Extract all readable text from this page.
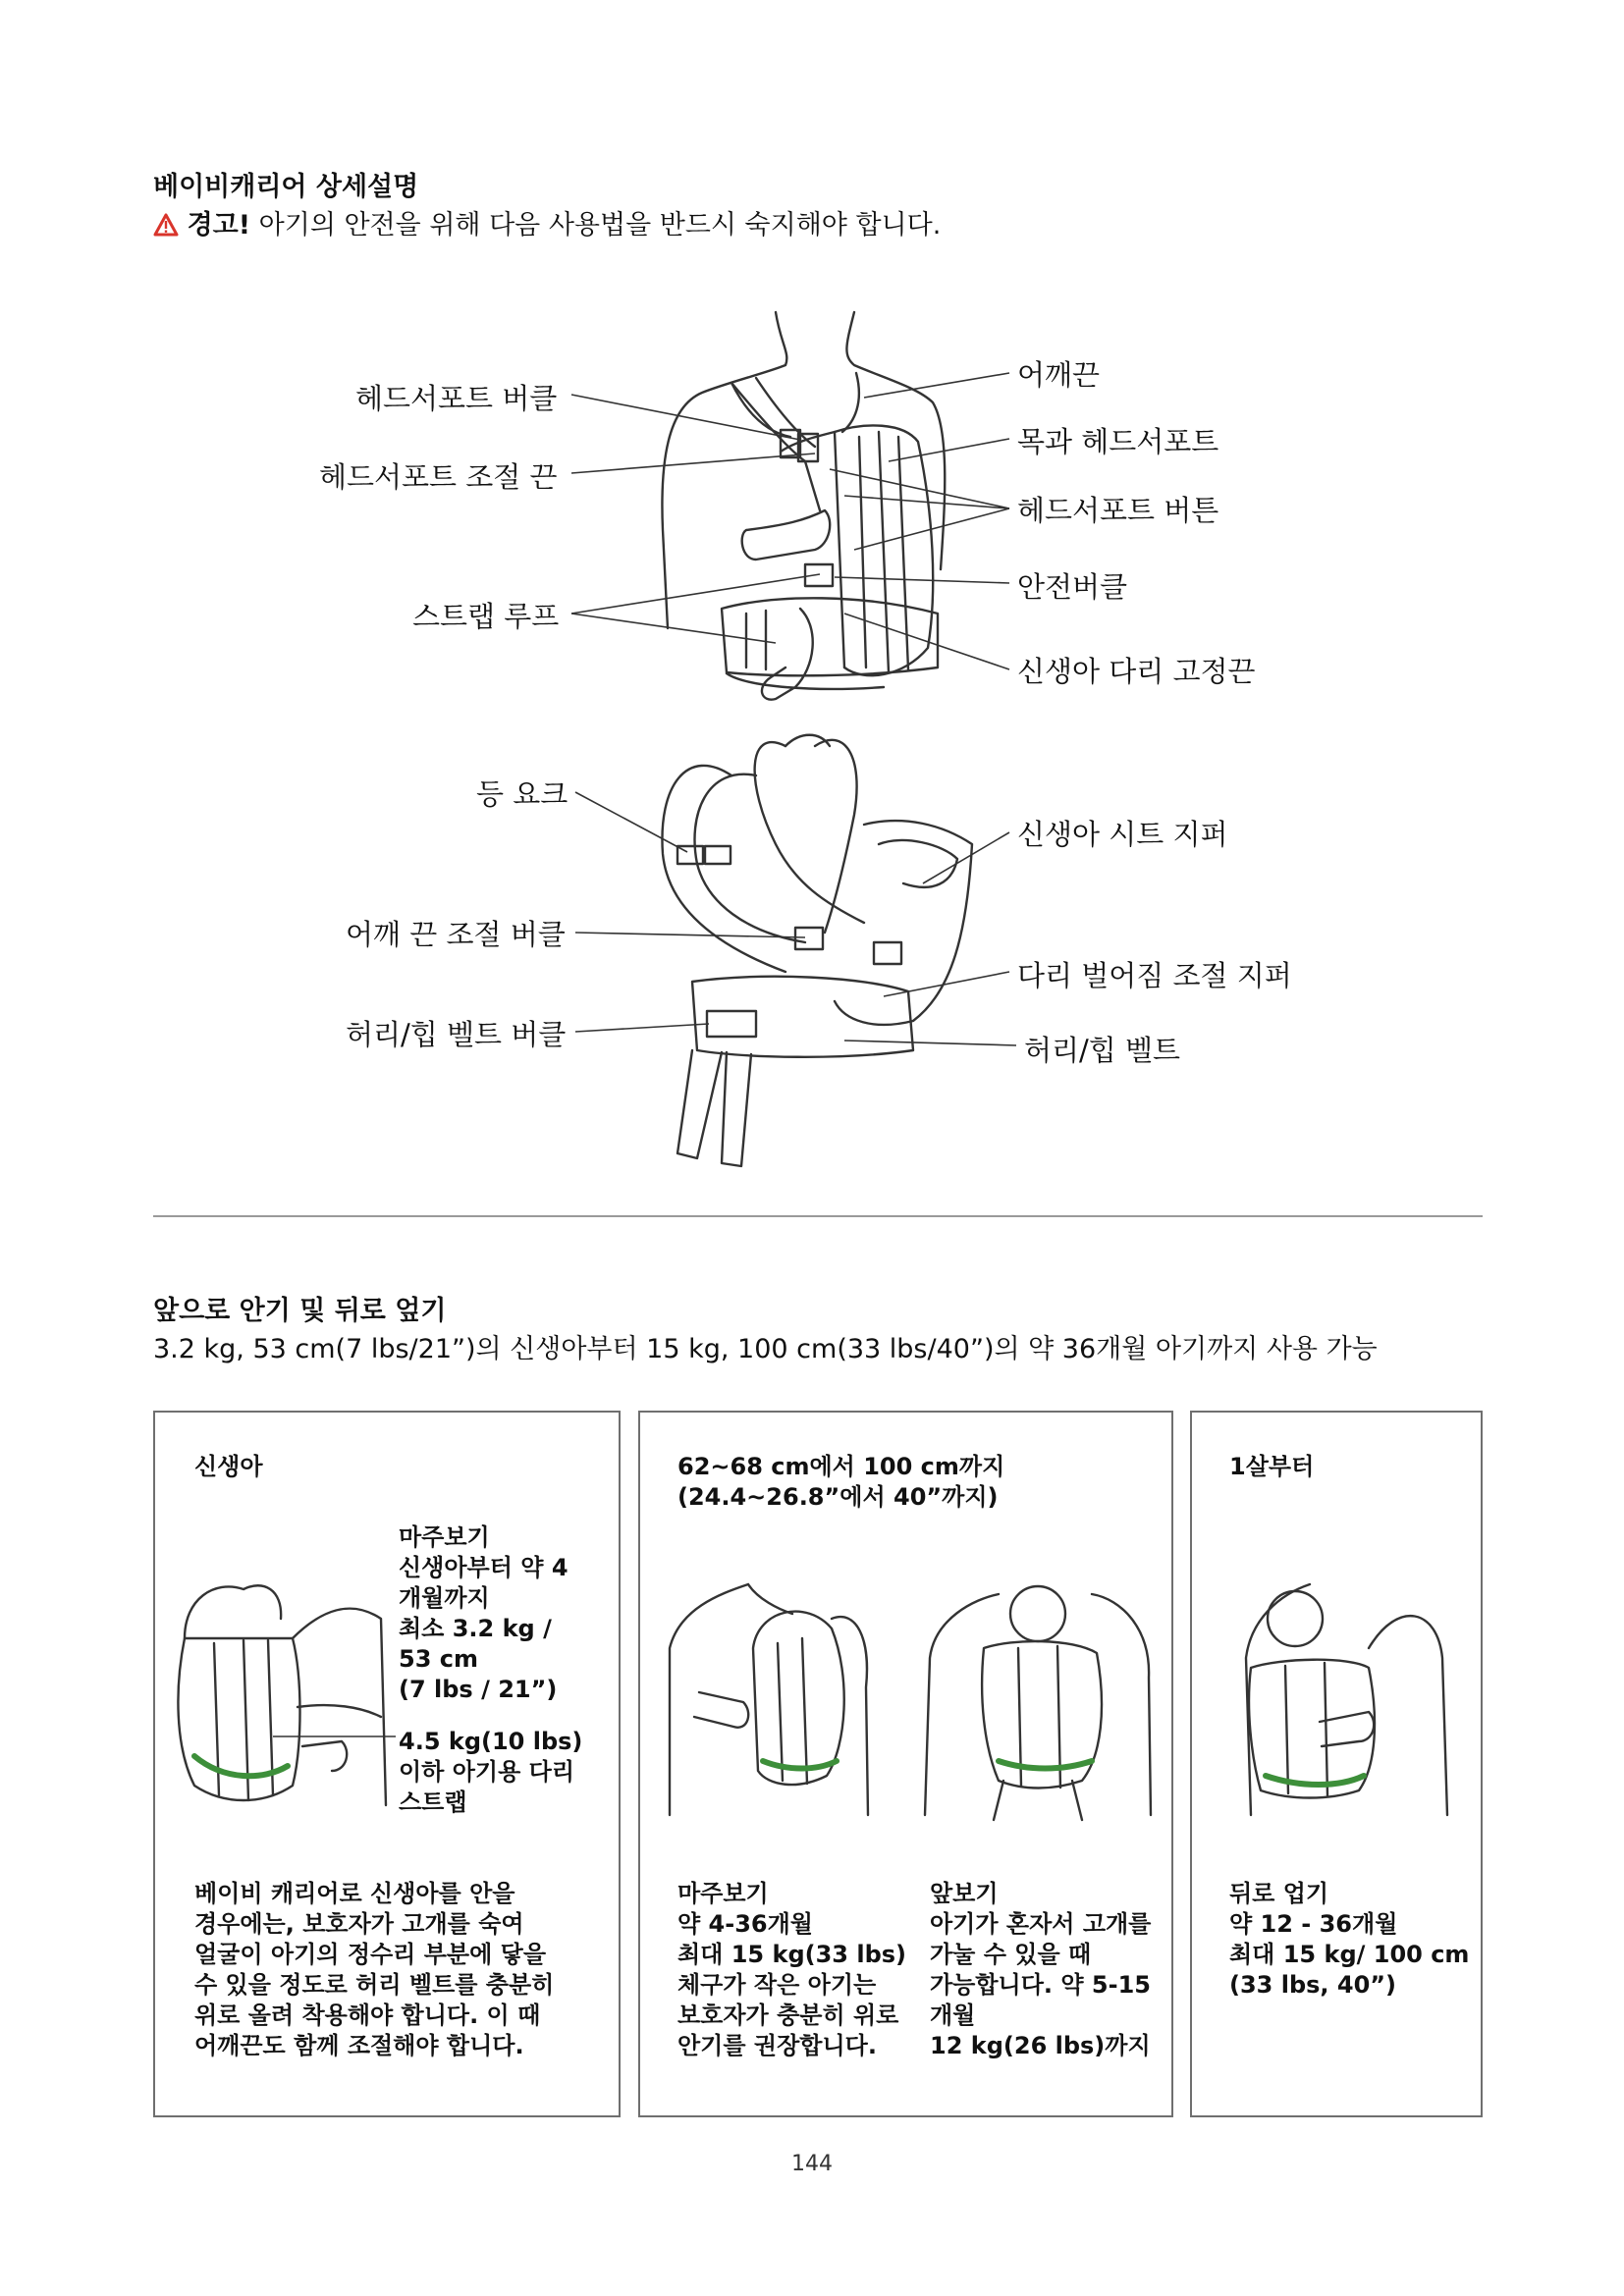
베이비캐리어 상세설명
경고! 아기의 안전을 위해 다음 사용법을 반드시 숙지해야 합니다.
헤드서포트 버클
헤드서포트 조절 끈
스트랩 루프
어깨끈
목과 헤드서포트
헤드서포트 버튼
안전버클
신생아 다리 고정끈
등 요크
어깨 끈 조절 버클
허리/힙 벨트 버클
신생아 시트 지퍼
다리 벌어짐 조절 지퍼
허리/힙 벨트
앞으로 안기 및 뒤로 엎기
3.2 kg, 53 cm(7 lbs/21”)의 신생아부터 15 kg, 100 cm(33 lbs/40”)의 약 36개월 아기까지 사용 가능
신생아
마주보기
신생아부터 약 4
개월까지
최소 3.2 kg /
53 cm
(7 lbs / 21”)
4.5 kg(10 lbs)
이하 아기용 다리
스트랩
베이비 캐리어로 신생아를 안을
경우에는, 보호자가 고개를 숙여
얼굴이 아기의 정수리 부분에 닿을
수 있을 정도로 허리 벨트를 충분히
위로 올려 착용해야 합니다. 이 때
어깨끈도 함께 조절해야 합니다.
62~68 cm에서 100 cm까지
(24.4~26.8”에서 40”까지)
마주보기
약 4-36개월
최대 15 kg(33 lbs)
체구가 작은 아기는
보호자가 충분히 위로
안기를 권장합니다.
앞보기
아기가 혼자서 고개를
가눌 수 있을 때
가능합니다. 약 5-15
개월
12 kg(26 lbs)까지
1살부터
뒤로 업기
약 12 - 36개월
최대 15 kg/ 100 cm
(33 lbs, 40”)
144
